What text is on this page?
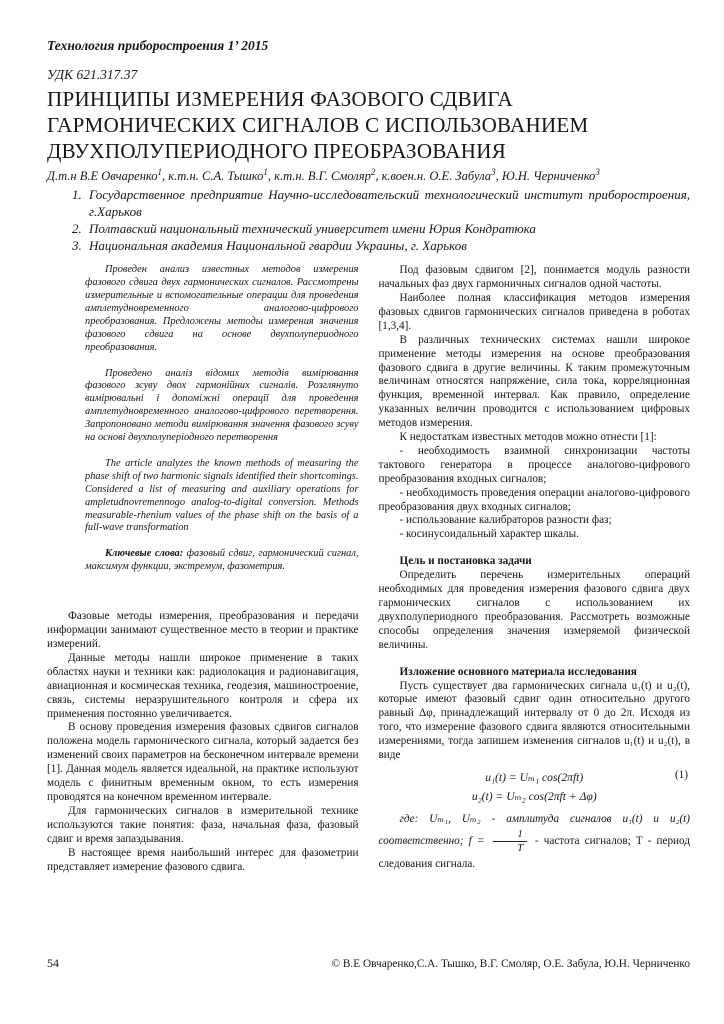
Технология приборостроения 1’ 2015

УДК 621.317.37

ПРИНЦИПЫ ИЗМЕРЕНИЯ ФАЗОВОГО СДВИГА
ГАРМОНИЧЕСКИХ СИГНАЛОВ С ИСПОЛЬЗОВАНИЕМ
ДВУХПОЛУПЕРИОДНОГО ПРЕОБРАЗОВАНИЯ

Д.т.н В.Е Овчаренко$^1$, к.т.н. С.А. Тышко$^1$, к.т.н. В.Г. Смоляр$^2$, к.воен.н. О.Е. Забула$^3$, Ю.Н. Черниченко$^3$

1. Государственное предприятие Научно-исследовательский технологический институт приборостроения, г.Харьков
2. Полтавский национальный технический университет имени Юрия Кондратюка
3. Национальная академия Национальной гвардии Украины, г. Харьков

Проведен анализ известных методов измерения фазового сдвига двух гармонических сигналов. Рассмотрены измерительные и вспомогательные операции для проведения амплетудновременного аналогово-цифрового преобразования. Предложены методы измерения значения фазового сдвига на основе двухполупериодного преобразования.

Проведено аналіз відомих методів вимірювання фазового зсуву двох гармонійних сигналів. Розглянуто вимірювальні і допоміжні операції для проведення амплетудновременного аналогово-цифрового перетворення. Запропоновано методи вимірювання значення фазового зсуву на основі двухполуперіодного перетворення

The article analyzes the known methods of measuring the phase shift of two harmonic signals identified their shortcomings. Considered a list of measuring and auxiliary operations for ampletudnovremennogo analog-to-digital conversion. Methods measurable-rhenium values of the phase shift on the basis of a full-wave transformation

Ключевые слова: фазовый сдвиг, гармонический сигнал, максимум функции, экстремум, фазометрия.

Фазовые методы измерения, преобразования и передачи информации занимают существенное место в теории и практике измерений.

Данные методы нашли широкое применение в таких областях науки и техники как: радиолокация и радионавигация, авиационная и космическая техника, геодезия, машиностроение, связь, системы неразрушительного контроля и сфера их применения постоянно увеличивается.

В основу проведения измерения фазовых сдвигов сигналов положена модель гармонического сигнала, который задается без изменений своих параметров на бесконечном интервале времени [1]. Данная модель является идеальной, на практике используют модель с финитным временным окном, то есть измерения проводятся на конечном временном интервале.

Для гармонических сигналов в измерительной технике используются такие понятия: фаза, начальная фаза, фазовый сдвиг и время запаздывания.

В настоящее время наибольший интерес для фазометрии представляет измерение фазового сдвига.

Под фазовым сдвигом [2], понимается модуль разности начальных фаз двух гармоничных сигналов одной частоты.

Наиболее полная классификация методов измерения фазовых сдвигов гармонических сигналов приведена в роботах [1,3,4].

В различных технических системах нашли широкое применение методы измерения на основе преобразования фазового сдвига в другие величины. К таким промежуточным величинам относятся напряжение, сила тока, корреляционная функция, временной интервал. Как правило, определение указанных величин проводится с использованием цифровых методов измерения.

К недостаткам известных методов можно отнести [1]:

- необходимость взаимной синхронизации частоты тактового генератора в процессе аналогово-цифрового преобразования входных сигналов;

- необходимость проведения операции аналогово-цифрового преобразования двух входных сигналов;

- использование калибраторов разности фаз;

- косинусоидальный характер шкалы.

Цель и постановка задачи

Определить перечень измерительных операций необходимых для проведения измерения фазового сдвига двух гармонических сигналов с использованием их двухполупериодного преобразования. Рассмотреть возможные способы определения значения измеряемой физической величины.

Изложение основного материала исследования

Пусть существует два гармонических сигнала u₁(t) и u₂(t), которые имеют фазовый сдвиг один относительно другого равный Δφ, принадлежащий интервалу от 0 до 2π. Исходя из того, что измерение фазового сдвига являются относительными измерениями, тогда запишем изменения сигналов u₁(t) и u₂(t), в виде

u₁(t) = Uₘ₁ cos(2πft)
u₂(t) = Uₘ₂ cos(2πft + Δφ)
(1)

где: Uₘ₁, Uₘ₂ - амплитуда сигналов u₁(t) и u₂(t) соответственно; $f = \frac{1}{T}$ - частота сигналов; T - период следования сигнала.

54	© В.Е Овчаренко,С.А. Тышко, В.Г. Смоляр, О.Е. Забула, Ю.Н. Черниченко
